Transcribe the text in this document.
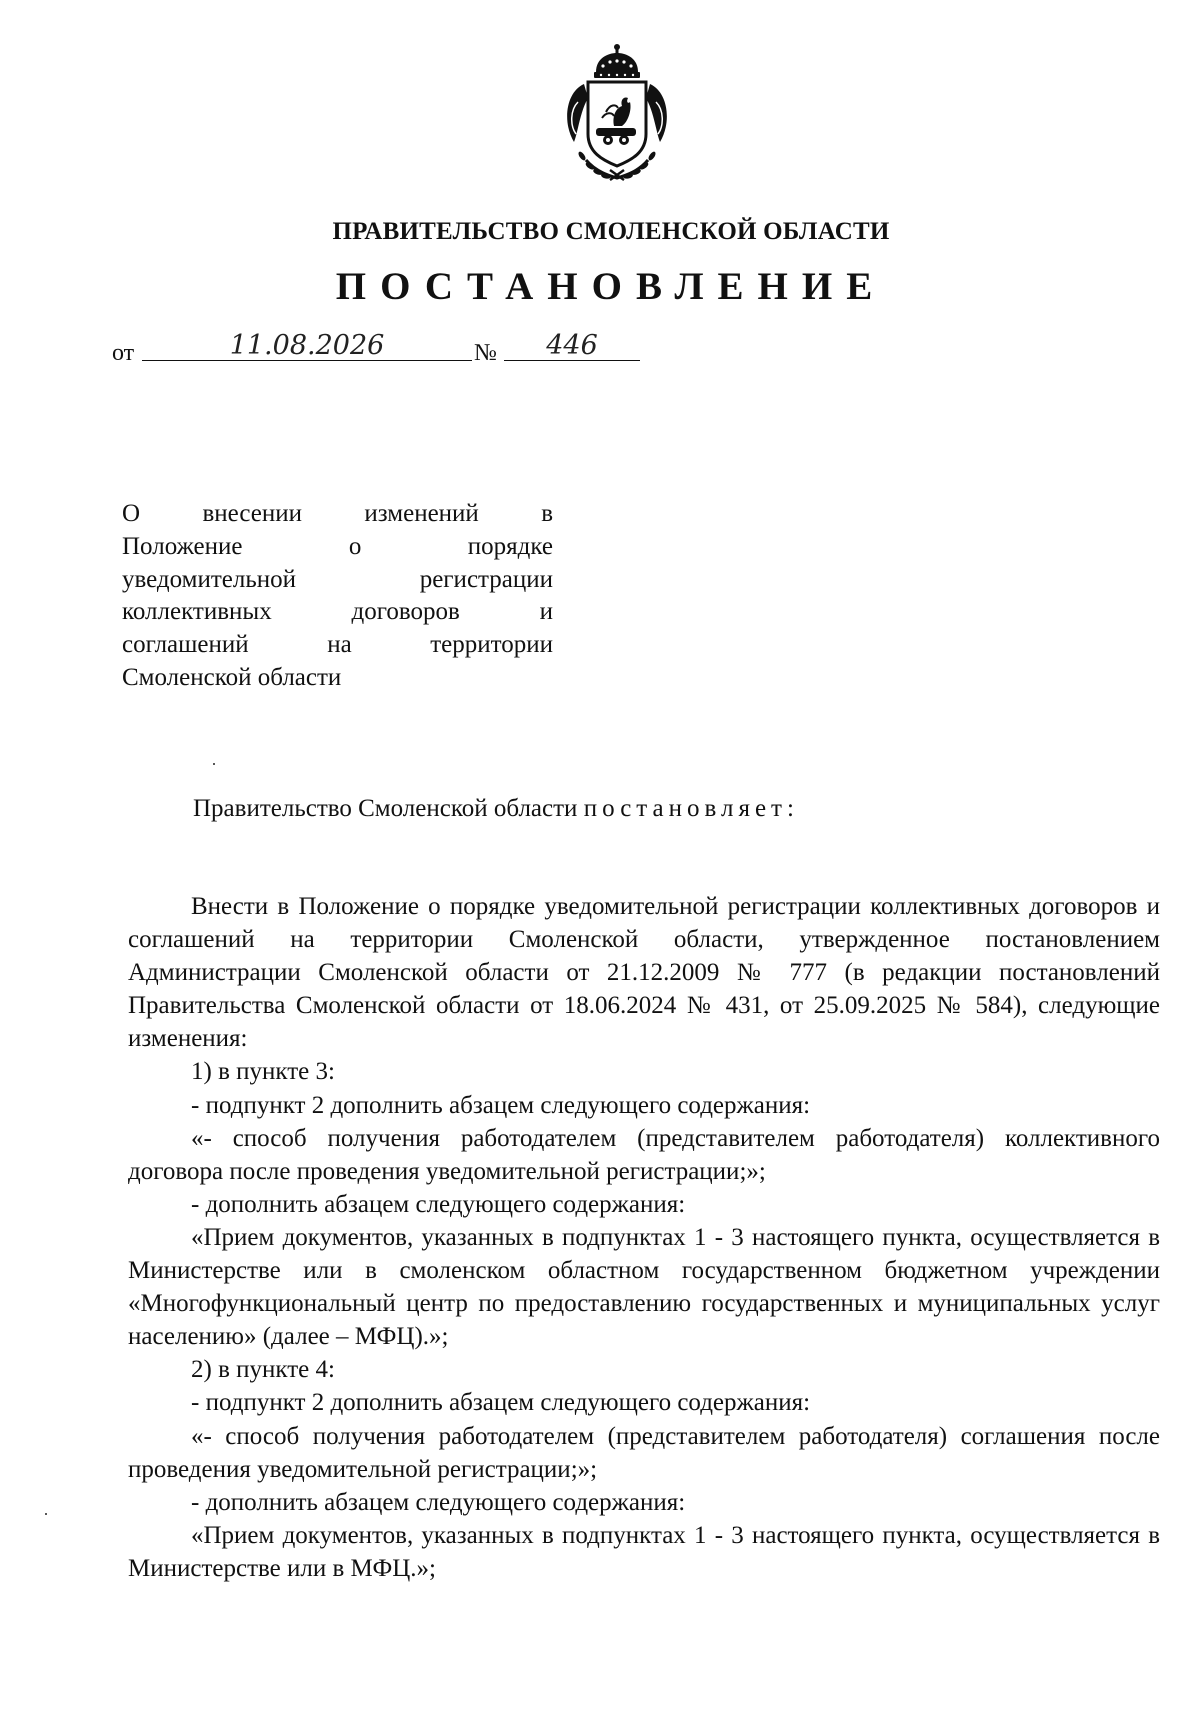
ПРАВИТЕЛЬСТВО СМОЛЕНСКОЙ ОБЛАСТИ
ПОСТАНОВЛЕНИЕ
от	11.08.2026	№	446
О внесении изменений в
Положение о порядке
уведомительной регистрации
коллективных договоров и
соглашений на территории
Смоленской области
Правительство Смоленской области постановляет:

Внести в Положение о порядке уведомительной регистрации коллективных договоров и соглашений на территории Смоленской области, утвержденное постановлением Администрации Смоленской области от 21.12.2009 № 777 (в редакции постановлений Правительства Смоленской области от 18.06.2024 № 431, от 25.09.2025 № 584), следующие изменения:

1) в пункте 3:

- подпункт 2 дополнить абзацем следующего содержания:

«- способ получения работодателем (представителем работодателя) коллективного договора после проведения уведомительной регистрации;»;

- дополнить абзацем следующего содержания:

«Прием документов, указанных в подпунктах 1 - 3 настоящего пункта, осуществляется в Министерстве или в смоленском областном государственном бюджетном учреждении «Многофункциональный центр по предоставлению государственных и муниципальных услуг населению» (далее – МФЦ).»;

2) в пункте 4:

- подпункт 2 дополнить абзацем следующего содержания:

«- способ получения работодателем (представителем работодателя) соглашения после проведения уведомительной регистрации;»;

- дополнить абзацем следующего содержания:

«Прием документов, указанных в подпунктах 1 - 3 настоящего пункта, осуществляется в Министерстве или в МФЦ.»;
